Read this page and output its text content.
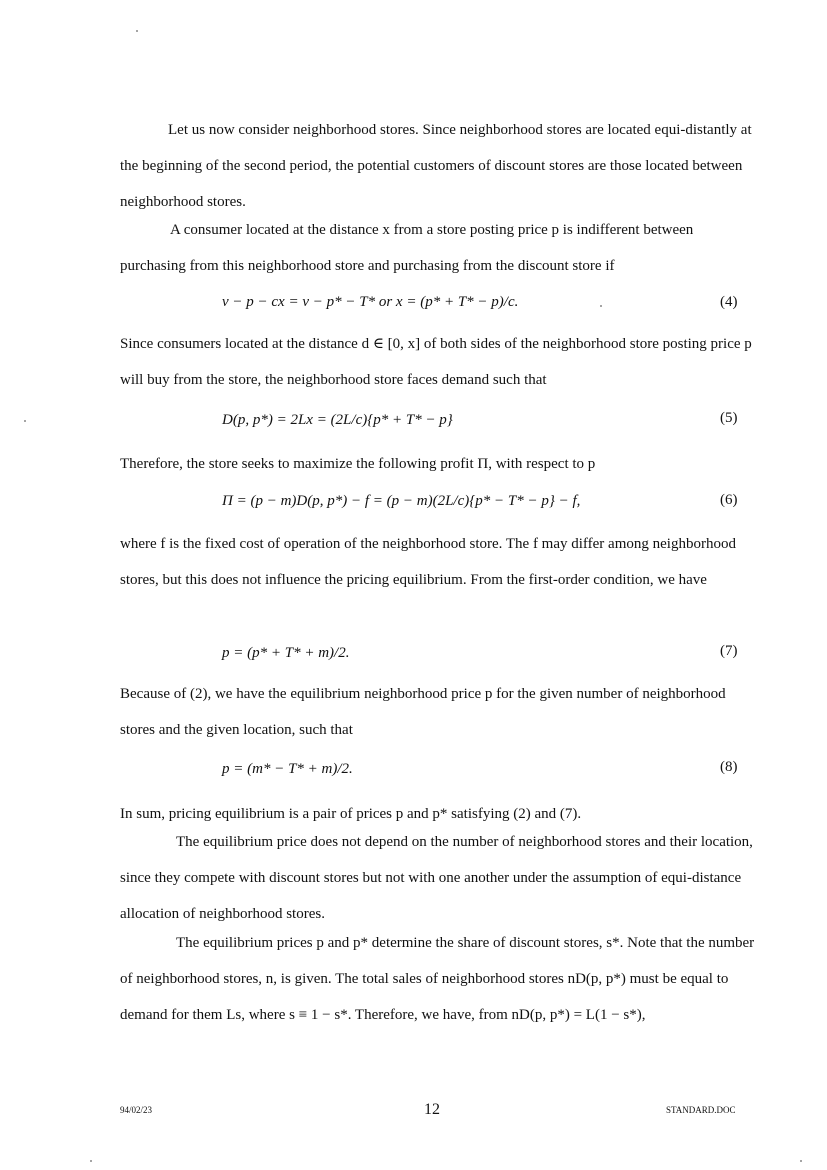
Let us now consider neighborhood stores. Since neighborhood stores are located equi-distantly at the beginning of the second period, the potential customers of discount stores are those located between neighborhood stores.

A consumer located at the distance x from a store posting price p is indifferent between purchasing from this neighborhood store and purchasing from the discount store if

v − p − cx = v − p* − T* or x = (p* + T* − p)/c.	(4)

Since consumers located at the distance d ∈ [0, x] of both sides of the neighborhood store posting price p will buy from the store, the neighborhood store faces demand such that

D(p, p*) = 2Lx = (2L/c){p* + T* − p}	(5)

Therefore, the store seeks to maximize the following profit Π, with respect to p

Π = (p − m)D(p, p*) − f = (p − m)(2L/c){p* − T* − p} − f,	(6)

where f is the fixed cost of operation of the neighborhood store. The f may differ among neighborhood stores, but this does not influence the pricing equilibrium. From the first-order condition, we have

p = (p* + T* + m)/2.	(7)

Because of (2), we have the equilibrium neighborhood price p for the given number of neighborhood stores and the given location, such that

p = (m* − T* + m)/2.	(8)

In sum, pricing equilibrium is a pair of prices p and p* satisfying (2) and (7).

The equilibrium price does not depend on the number of neighborhood stores and their location, since they compete with discount stores but not with one another under the assumption of equi-distance allocation of neighborhood stores.

The equilibrium prices p and p* determine the share of discount stores, s*. Note that the number of neighborhood stores, n, is given. The total sales of neighborhood stores nD(p, p*) must be equal to demand for them Ls, where s ≡ 1 − s*. Therefore, we have, from nD(p, p*) = L(1 − s*),

94/02/23	12	STANDARD.DOC
